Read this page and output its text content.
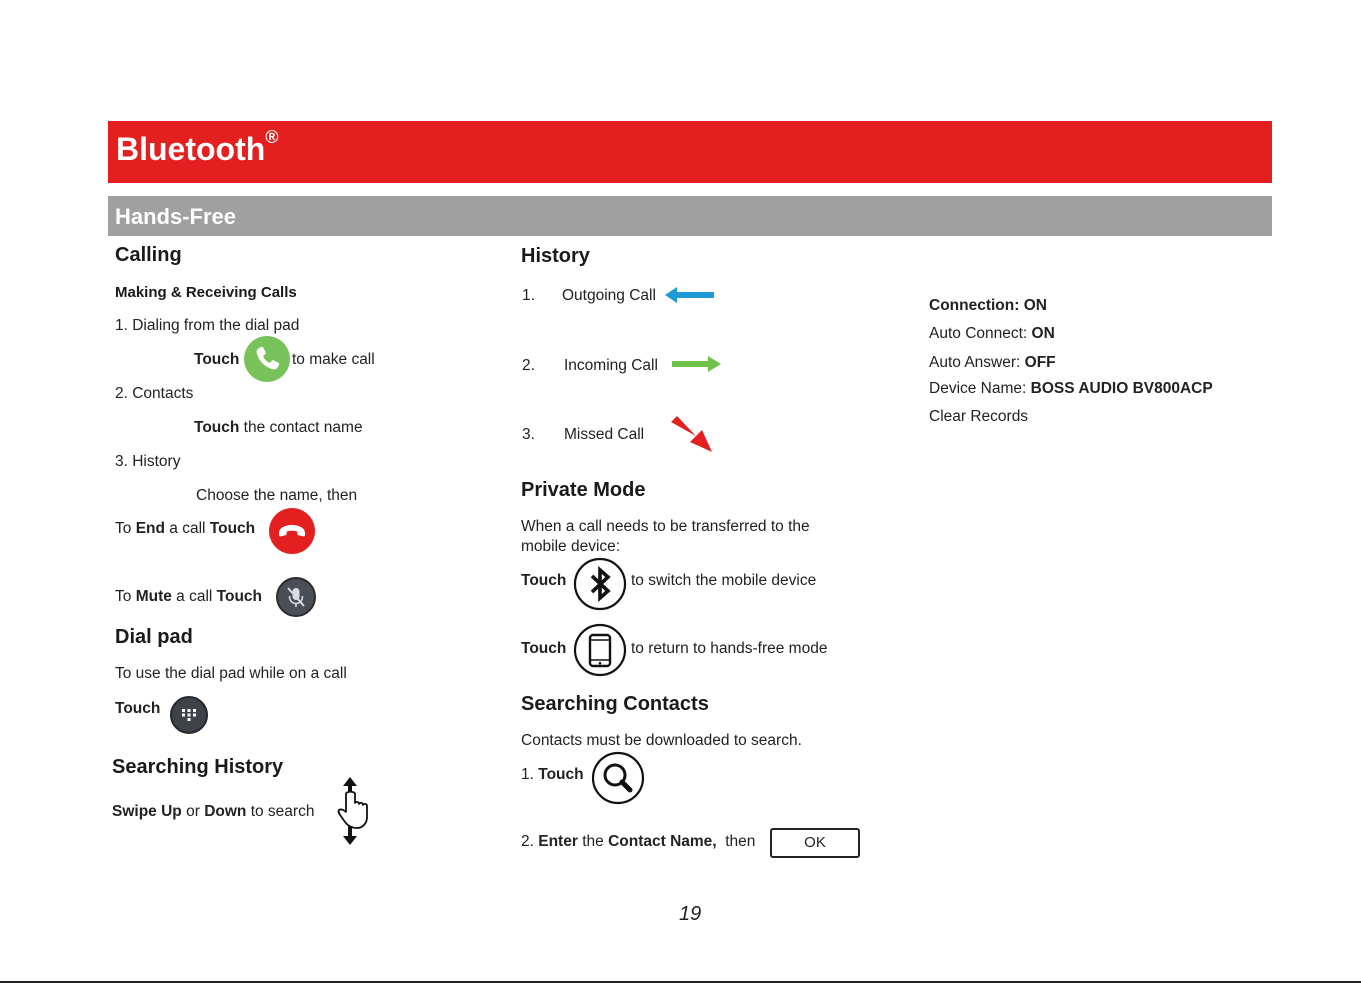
Bluetooth®
Hands-Free
Calling
Making & Receiving Calls
1. Dialing from the dial pad
Touch	to make call
2. Contacts
Touch the contact name
3. History
Choose the name, then
To End a call Touch
To Mute a call Touch
Dial pad
To use the dial pad while on a call
Touch
Searching History
Swipe Up or Down to search
History
1. Outgoing Call
2. Incoming Call
3. Missed Call
Private Mode
When a call needs to be transferred to the
mobile device:
Touch	to switch the mobile device
Touch	to return to hands-free mode
Searching Contacts
Contacts must be downloaded to search.
1. Touch
2. Enter the Contact Name, then	OK
Connection: ON
Auto Connect: ON
Auto Answer: OFF
Device Name: BOSS AUDIO BV800ACP
Clear Records
19
